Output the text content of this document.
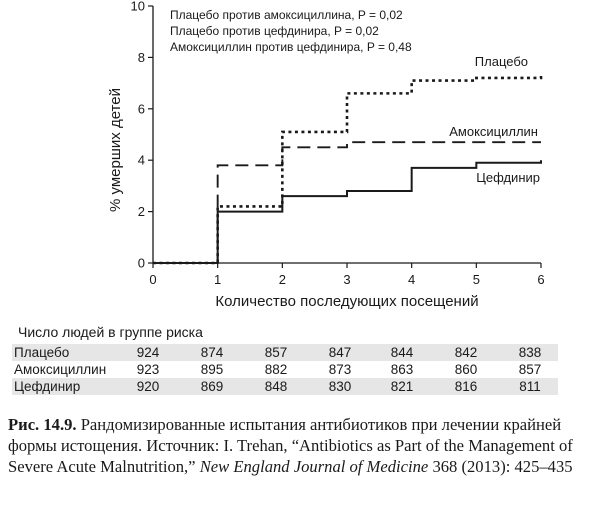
0	1	2	3	4	5	6
0
2
4
6
8
10
% умерших детей
Количество последующих посещений
Плацебо против амоксициллина, P = 0,02
Плацебо против цефдинира, P = 0,02
Амоксициллин против цефдинира, P = 0,48
Плацебо
Амоксициллин
Цефдинир
Число людей в группе риска
Плацебо	924	874	857	847	844	842	838
Амоксициллин	923	895	882	873	863	860	857
Цефдинир	920	869	848	830	821	816	811
Рис. 14.9. Рандомизированные испытания антибиотиков при лечении крайней формы истощения. Источник: I. Trehan, “Antibiotics as Part of the Management of Severe Acute Malnutrition,” New England Journal of Medicine 368 (2013): 425–435
